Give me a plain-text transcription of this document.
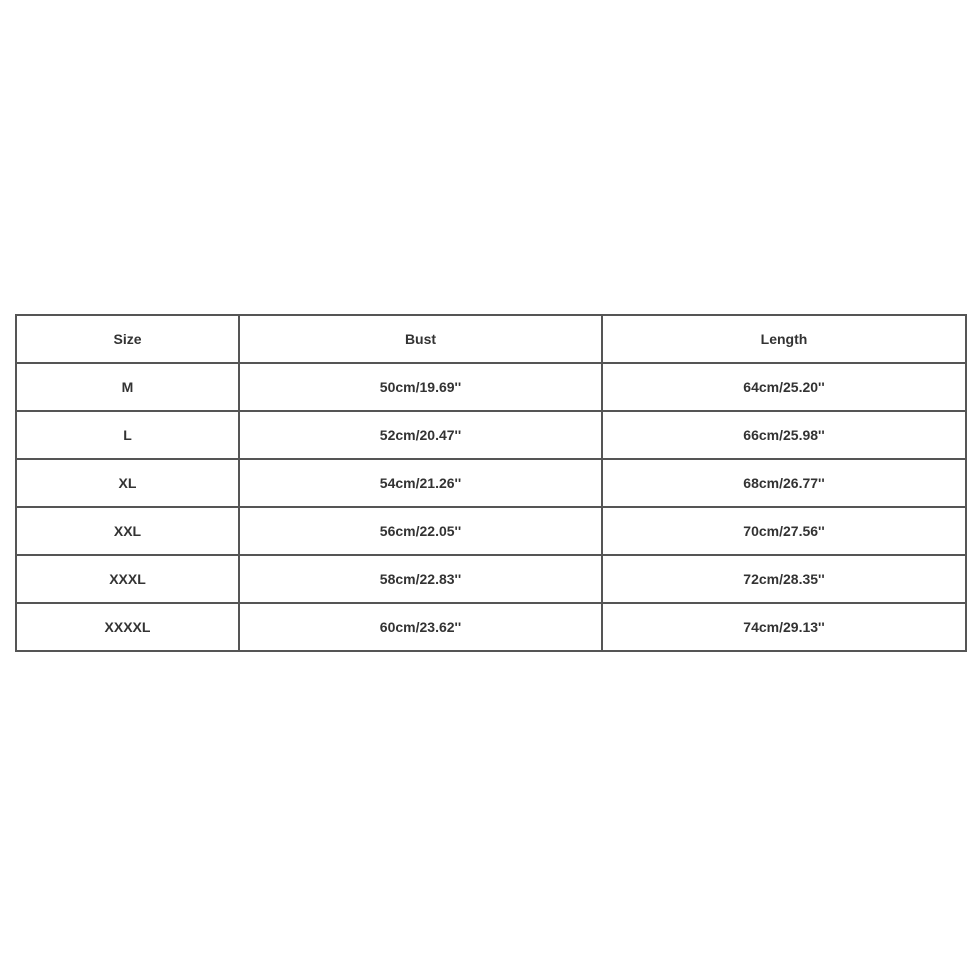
Size	Bust	Length
M	50cm/19.69''	64cm/25.20''
L	52cm/20.47''	66cm/25.98''
XL	54cm/21.26''	68cm/26.77''
XXL	56cm/22.05''	70cm/27.56''
XXXL	58cm/22.83''	72cm/28.35''
XXXXL	60cm/23.62''	74cm/29.13''
